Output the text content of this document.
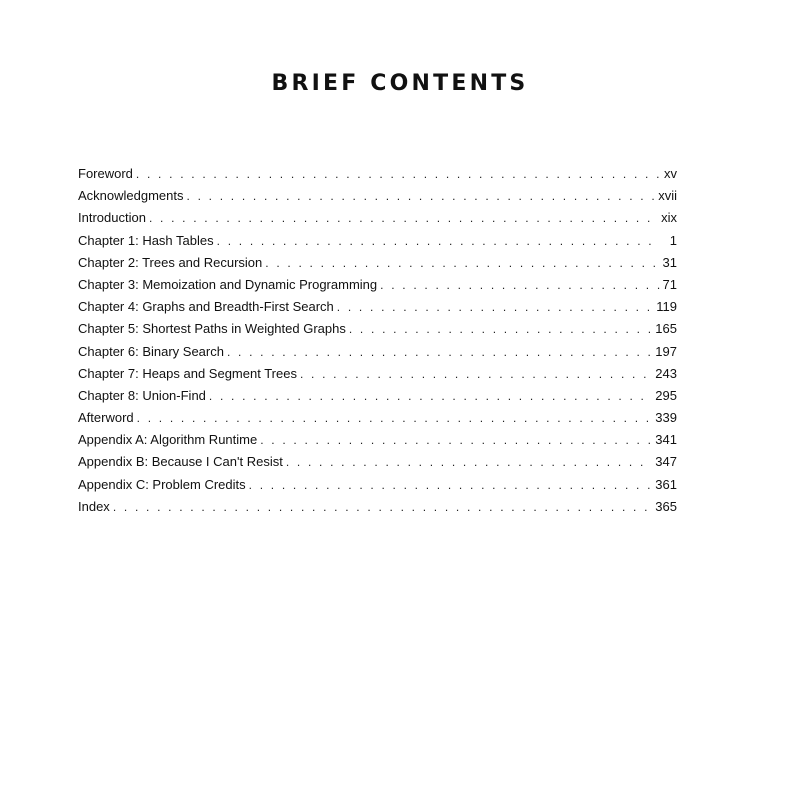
BRIEF CONTENTS
Foreword . . .	xv
Acknowledgments . . .	xvii
Introduction . . .	xix
Chapter 1: Hash Tables . . .	1
Chapter 2: Trees and Recursion . . .	31
Chapter 3: Memoization and Dynamic Programming . . .	71
Chapter 4: Graphs and Breadth-First Search . . .	119
Chapter 5: Shortest Paths in Weighted Graphs . . .	165
Chapter 6: Binary Search . . .	197
Chapter 7: Heaps and Segment Trees . . .	243
Chapter 8: Union-Find . . .	295
Afterword . . .	339
Appendix A: Algorithm Runtime . . .	341
Appendix B: Because I Can't Resist . . .	347
Appendix C: Problem Credits . . .	361
Index . . .	365
